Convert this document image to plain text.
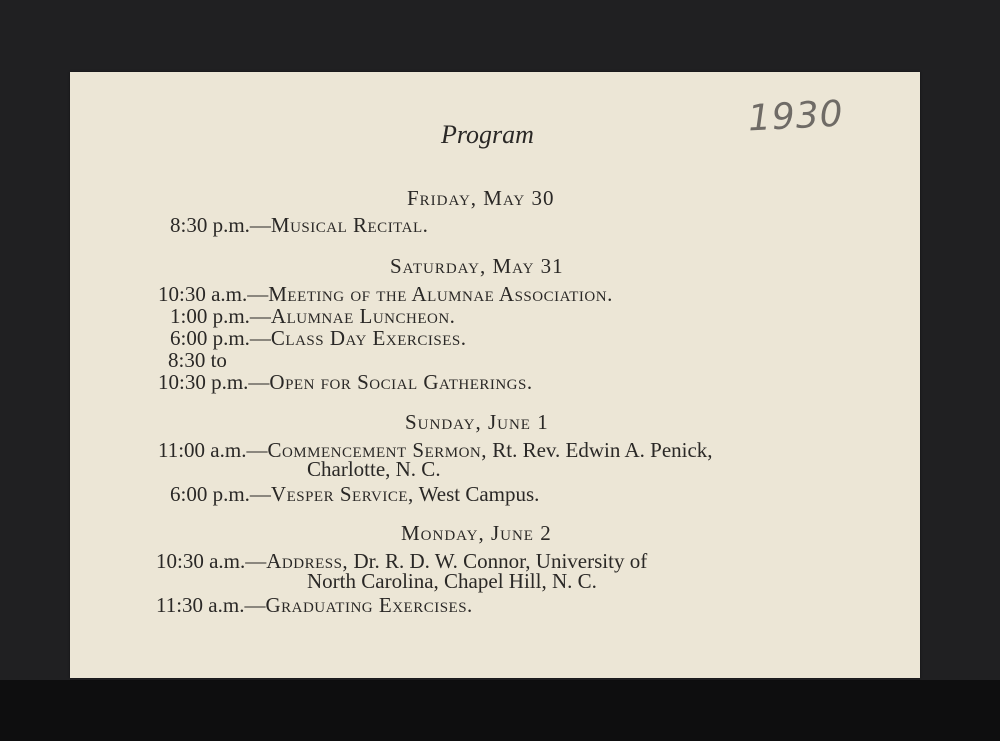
1930
Program
Friday, May 30
8:30 p.m.—Musical Recital.
Saturday, May 31
10:30 a.m.—Meeting of the Alumnae Association.
1:00 p.m.—Alumnae Luncheon.
6:00 p.m.—Class Day Exercises.
8:30 to
10:30 p.m.—Open for Social Gatherings.
Sunday, June 1
11:00 a.m.—Commencement Sermon, Rt. Rev. Edwin A. Penick,
Charlotte, N. C.
6:00 p.m.—Vesper Service, West Campus.
Monday, June 2
10:30 a.m.—Address, Dr. R. D. W. Connor, University of
North Carolina, Chapel Hill, N. C.
11:30 a.m.—Graduating Exercises.
